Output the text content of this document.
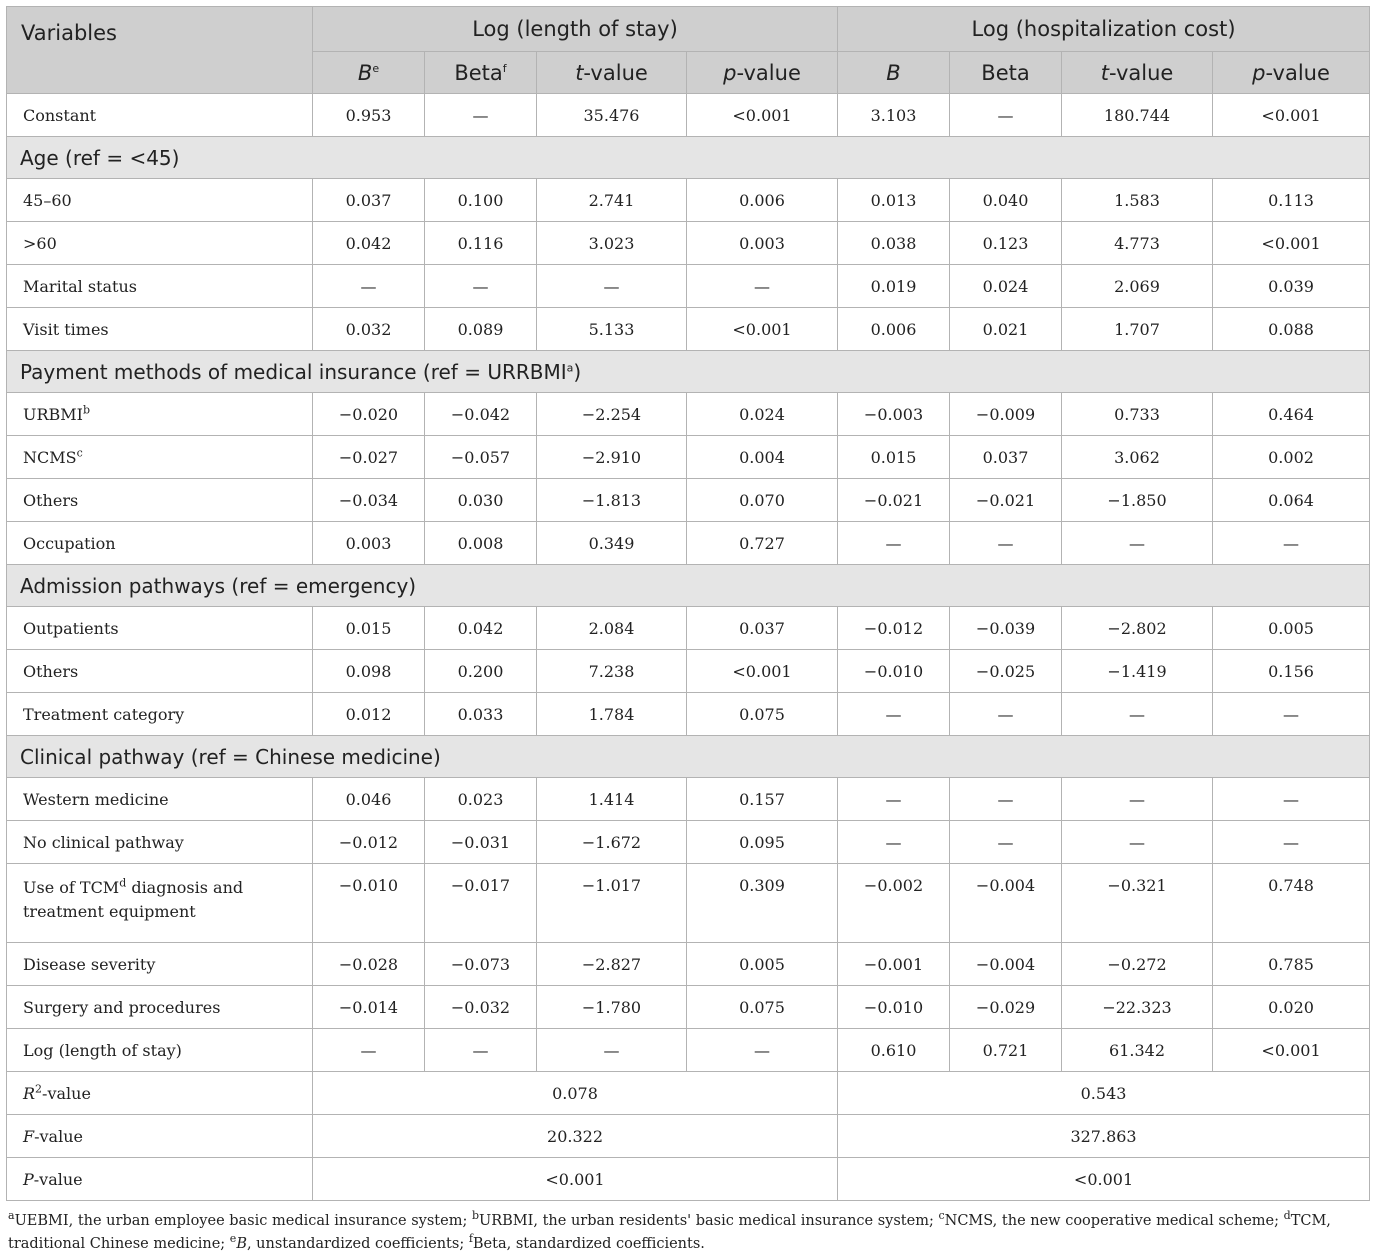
Variables	Log (length of stay)				Log (hospitalization cost)			
	$B^e$	Beta$^f$	t-value	p-value	B	Beta	t-value	p-value
Constant	0.953	—	35.476	<0.001	3.103	—	180.744	<0.001
Age (ref = <45)								
45–60	0.037	0.100	2.741	0.006	0.013	0.040	1.583	0.113
>60	0.042	0.116	3.023	0.003	0.038	0.123	4.773	<0.001
Marital status	—	—	—	—	0.019	0.024	2.069	0.039
Visit times	0.032	0.089	5.133	<0.001	0.006	0.021	1.707	0.088
Payment methods of medical insurance $(ref = URRBMI^a)$								
$URBMI^b$	−0.020	−0.042	−2.254	0.024	−0.003	−0.009	0.733	0.464
$NCMS^c$	−0.027	−0.057	−2.910	0.004	0.015	0.037	3.062	0.002
Others	−0.034	0.030	−1.813	0.070	−0.021	−0.021	−1.850	0.064
Occupation	0.003	0.008	0.349	0.727	—	—	—	—
Admission pathways (ref = emergency)								
Outpatients	0.015	0.042	2.084	0.037	−0.012	−0.039	−2.802	0.005
Others	0.098	0.200	7.238	<0.001	−0.010	−0.025	−1.419	0.156
Treatment category	0.012	0.033	1.784	0.075	—	—	—	—
Clinical pathway (ref = Chinese medicine)								
Western medicine	0.046	0.023	1.414	0.157	—	—	—	—
No clinical pathway	−0.012	−0.031	−1.672	0.095	—	—	—	—
Use of TCM$^d$ diagnosis and treatment equipment	−0.010	−0.017	−1.017	0.309	−0.002	−0.004	−0.321	0.748
Disease severity	−0.028	−0.073	−2.827	0.005	−0.001	−0.004	−0.272	0.785
Surgery and procedures	−0.014	−0.032	−1.780	0.075	−0.010	−0.029	−22.323	0.020
Log (length of stay)	—	—	—	—	0.610	0.721	61.342	<0.001
$R^2$-value	0.078				0.543			
F-value	20.322				327.863			
P-value	<0.001				<0.001			
$^a$UEBMI, the urban employee basic medical insurance system; $^b$URBMI, the urban residents' basic medical insurance system; $^c$NCMS, the new cooperative medical scheme; $^d$TCM, traditional Chinese medicine; $^e$B, unstandardized coefficients; $^f$Beta, standardized coefficients.
